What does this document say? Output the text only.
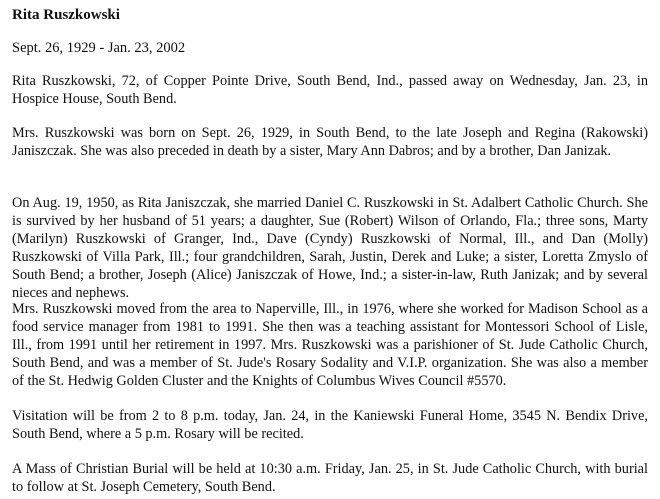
Rita Ruszkowski
Sept. 26, 1929 - Jan. 23, 2002

Rita Ruszkowski, 72, of Copper Pointe Drive, South Bend, Ind., passed away on Wednesday, Jan. 23, in Hospice House, South Bend.

Mrs. Ruszkowski was born on Sept. 26, 1929, in South Bend, to the late Joseph and Regina (Rakowski) Janiszczak. She was also preceded in death by a sister, Mary Ann Dabros; and by a brother, Dan Janizak.

On Aug. 19, 1950, as Rita Janiszczak, she married Daniel C. Ruszkowski in St. Adalbert Catholic Church. She is survived by her husband of 51 years; a daughter, Sue (Robert) Wilson of Orlando, Fla.; three sons, Marty (Marilyn) Ruszkowski of Granger, Ind., Dave (Cyndy) Ruszkowski of Normal, Ill., and Dan (Molly) Ruszkowski of Villa Park, Ill.; four grandchildren, Sarah, Justin, Derek and Luke; a sister, Loretta Zmyslo of South Bend; a brother, Joseph (Alice) Janiszczak of Howe, Ind.; a sister-in-law, Ruth Janizak; and by several nieces and nephews.

Mrs. Ruszkowski moved from the area to Naperville, Ill., in 1976, where she worked for Madison School as a food service manager from 1981 to 1991. She then was a teaching assistant for Montessori School of Lisle, Ill., from 1991 until her retirement in 1997. Mrs. Ruszkowski was a parishioner of St. Jude Catholic Church, South Bend, and was a member of St. Jude's Rosary Sodality and V.I.P. organization. She was also a member of the St. Hedwig Golden Cluster and the Knights of Columbus Wives Council #5570.

Visitation will be from 2 to 8 p.m. today, Jan. 24, in the Kaniewski Funeral Home, 3545 N. Bendix Drive, South Bend, where a 5 p.m. Rosary will be recited.

A Mass of Christian Burial will be held at 10:30 a.m. Friday, Jan. 25, in St. Jude Catholic Church, with burial to follow at St. Joseph Cemetery, South Bend.
